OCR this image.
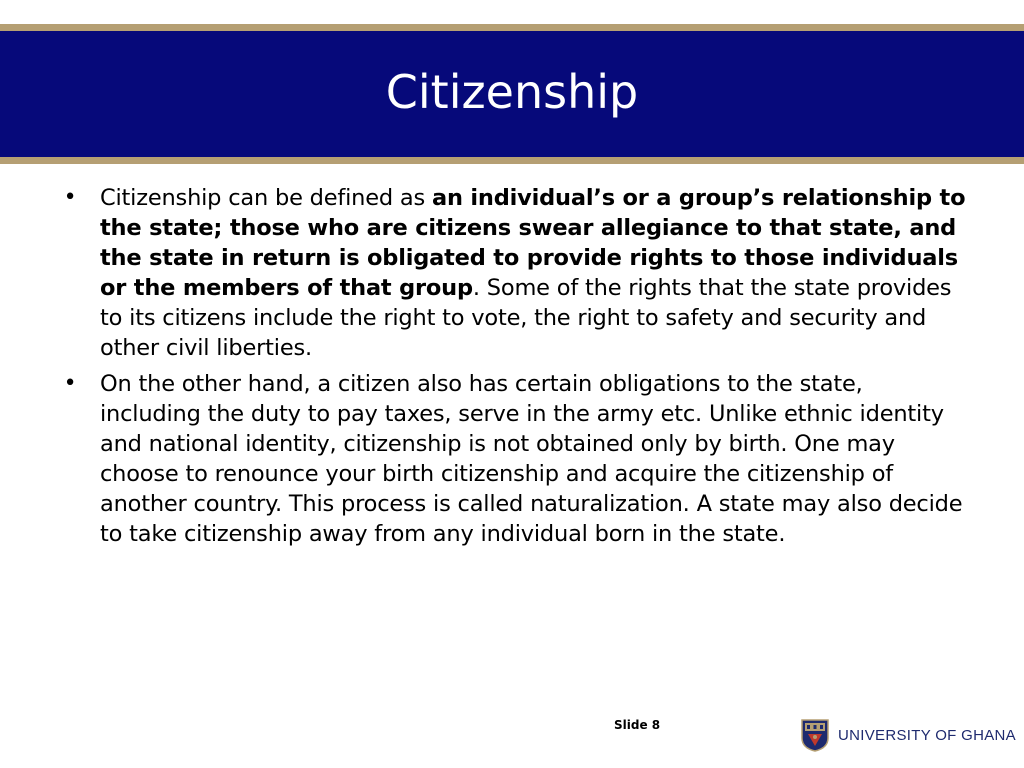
Citizenship
• Citizenship can be defined as an individual’s or a group’s relationship to the state; those who are citizens swear allegiance to that state, and the state in return is obligated to provide rights to those individuals or the members of that group. Some of the rights that the state provides to its citizens include the right to vote, the right to safety and security and other civil liberties.
• On the other hand, a citizen also has certain obligations to the state, including the duty to pay taxes, serve in the army etc. Unlike ethnic identity and national identity, citizenship is not obtained only by birth. One may choose to renounce your birth citizenship and acquire the citizenship of another country. This process is called naturalization. A state may also decide to take citizenship away from any individual born in the state.
Slide 8
UNIVERSITY OF GHANA
